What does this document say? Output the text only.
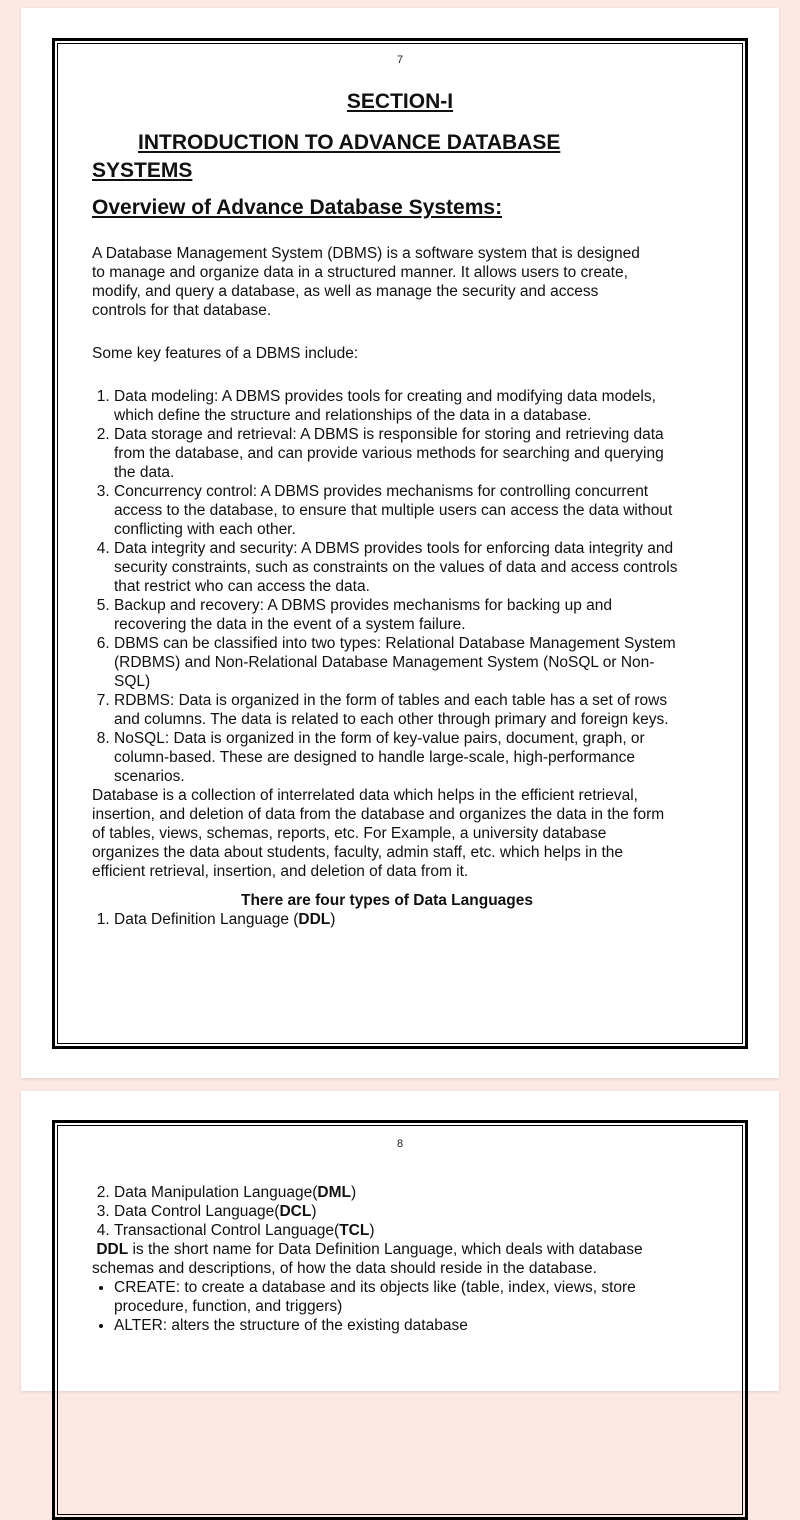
7
SECTION-I
INTRODUCTION TO ADVANCE DATABASE SYSTEMS
Overview of Advance Database Systems:

A Database Management System (DBMS) is a software system that is designed to manage and organize data in a structured manner. It allows users to create, modify, and query a database, as well as manage the security and access controls for that database.

Some key features of a DBMS include:

1. Data modeling: A DBMS provides tools for creating and modifying data models, which define the structure and relationships of the data in a database.
2. Data storage and retrieval: A DBMS is responsible for storing and retrieving data from the database, and can provide various methods for searching and querying the data.
3. Concurrency control: A DBMS provides mechanisms for controlling concurrent access to the database, to ensure that multiple users can access the data without conflicting with each other.
4. Data integrity and security: A DBMS provides tools for enforcing data integrity and security constraints, such as constraints on the values of data and access controls that restrict who can access the data.
5. Backup and recovery: A DBMS provides mechanisms for backing up and recovering the data in the event of a system failure.
6. DBMS can be classified into two types: Relational Database Management System (RDBMS) and Non-Relational Database Management System (NoSQL or Non-SQL)
7. RDBMS: Data is organized in the form of tables and each table has a set of rows and columns. The data is related to each other through primary and foreign keys.
8. NoSQL: Data is organized in the form of key-value pairs, document, graph, or column-based. These are designed to handle large-scale, high-performance scenarios.

Database is a collection of interrelated data which helps in the efficient retrieval, insertion, and deletion of data from the database and organizes the data in the form of tables, views, schemas, reports, etc. For Example, a university database organizes the data about students, faculty, admin staff, etc. which helps in the efficient retrieval, insertion, and deletion of data from it.

There are four types of Data Languages

1. Data Definition Language (DDL)
8
2. Data Manipulation Language(DML)
3. Data Control Language(DCL)
4. Transactional Control Language(TCL)

DDL is the short name for Data Definition Language, which deals with database schemas and descriptions, of how the data should reside in the database.

• CREATE: to create a database and its objects like (table, index, views, store procedure, function, and triggers)
• ALTER: alters the structure of the existing database
